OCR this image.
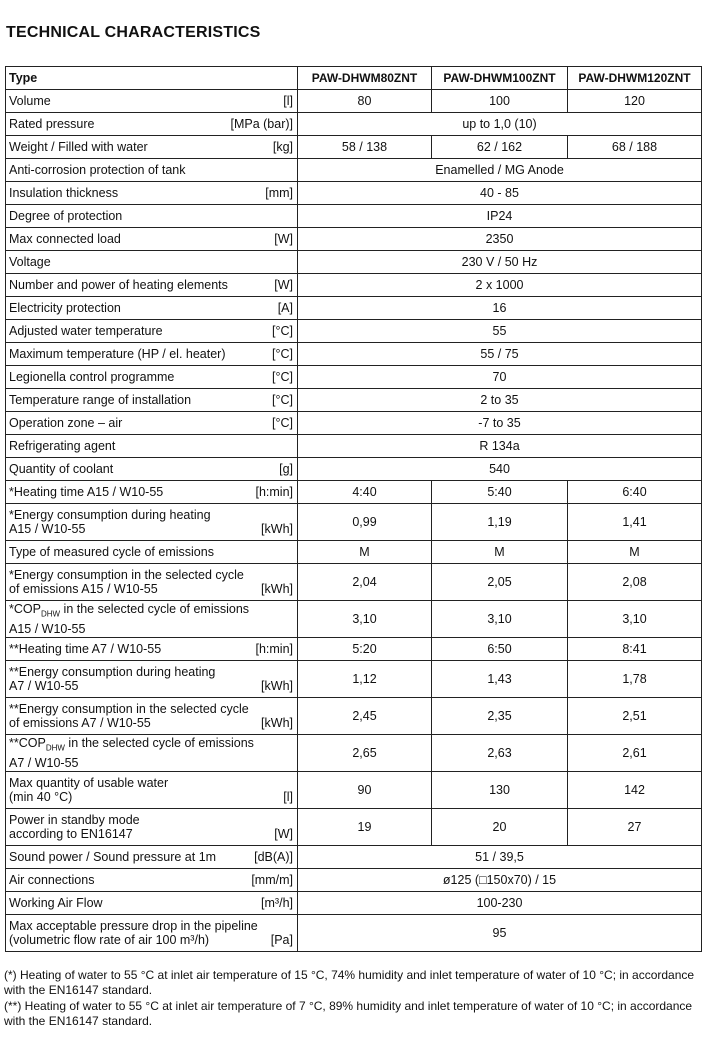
TECHNICAL CHARACTERISTICS
Type	PAW-DHWM80ZNT	PAW-DHWM100ZNT	PAW-DHWM120ZNT

Volume [l]	80	100	120

Rated pressure [MPa (bar)]	up to 1,0 (10)		

Weight / Filled with water [kg]	58 / 138	62 / 162	68 / 188

Anti-corrosion protection of tank	Enamelled / MG Anode		

Insulation thickness [mm]	40 - 85		

Degree of protection	IP24		

Max connected load [W]	2350		

Voltage	230 V / 50 Hz		

Number and power of heating elements [W]	2 x 1000		

Electricity protection [A]	16		

Adjusted water temperature [°C]	55		

Maximum temperature (HP / el. heater) [°C]	55 / 75		

Legionella control programme [°C]	70		

Temperature range of installation [°C]	2 to 35		

Operation zone – air [°C]	-7 to 35		

Refrigerating agent	R 134a		

Quantity of coolant [g]	540		

*Heating time A15 / W10-55 [h:min]	4:40	5:40	6:40

*Energy consumption during heating
A15 / W10-55 [kWh]	0,99	1,19	1,41

Type of measured cycle of emissions	M	M	M

*Energy consumption in the selected cycle
of emissions A15 / W10-55 [kWh]	2,04	2,05	2,08

$*COP_{DHW}$ in the selected cycle of emissions
A15 / W10-55	3,10	3,10	3,10

**Heating time A7 / W10-55 [h:min]	5:20	6:50	8:41

**Energy consumption during heating
A7 / W10-55 [kWh]	1,12	1,43	1,78

**Energy consumption in the selected cycle
of emissions A7 / W10-55 [kWh]	2,45	2,35	2,51

$**COP_{DHW}$ in the selected cycle of emissions
A7 / W10-55	2,65	2,63	2,61

Max quantity of usable water
(min 40 °C) [l]	90	130	142

Power in standby mode
according to EN16147 [W]	19	20	27

Sound power / Sound pressure at 1m [dB(A)]	51 / 39,5		

Air connections [mm/m]	ø125 (□150x70) / 15		

Working Air Flow [m³/h]	100-230		

Max acceptable pressure drop in the pipeline
(volumetric flow rate of air 100 m³/h) [Pa]	95		

(*) Heating of water to 55 °C at inlet air temperature of 15 °C, 74% humidity and inlet temperature of water of 10 °C; in accordance with the EN16147 standard.

(**) Heating of water to 55 °C at inlet air temperature of 7 °C, 89% humidity and inlet temperature of water of 10 °C; in accordance with the EN16147 standard.
